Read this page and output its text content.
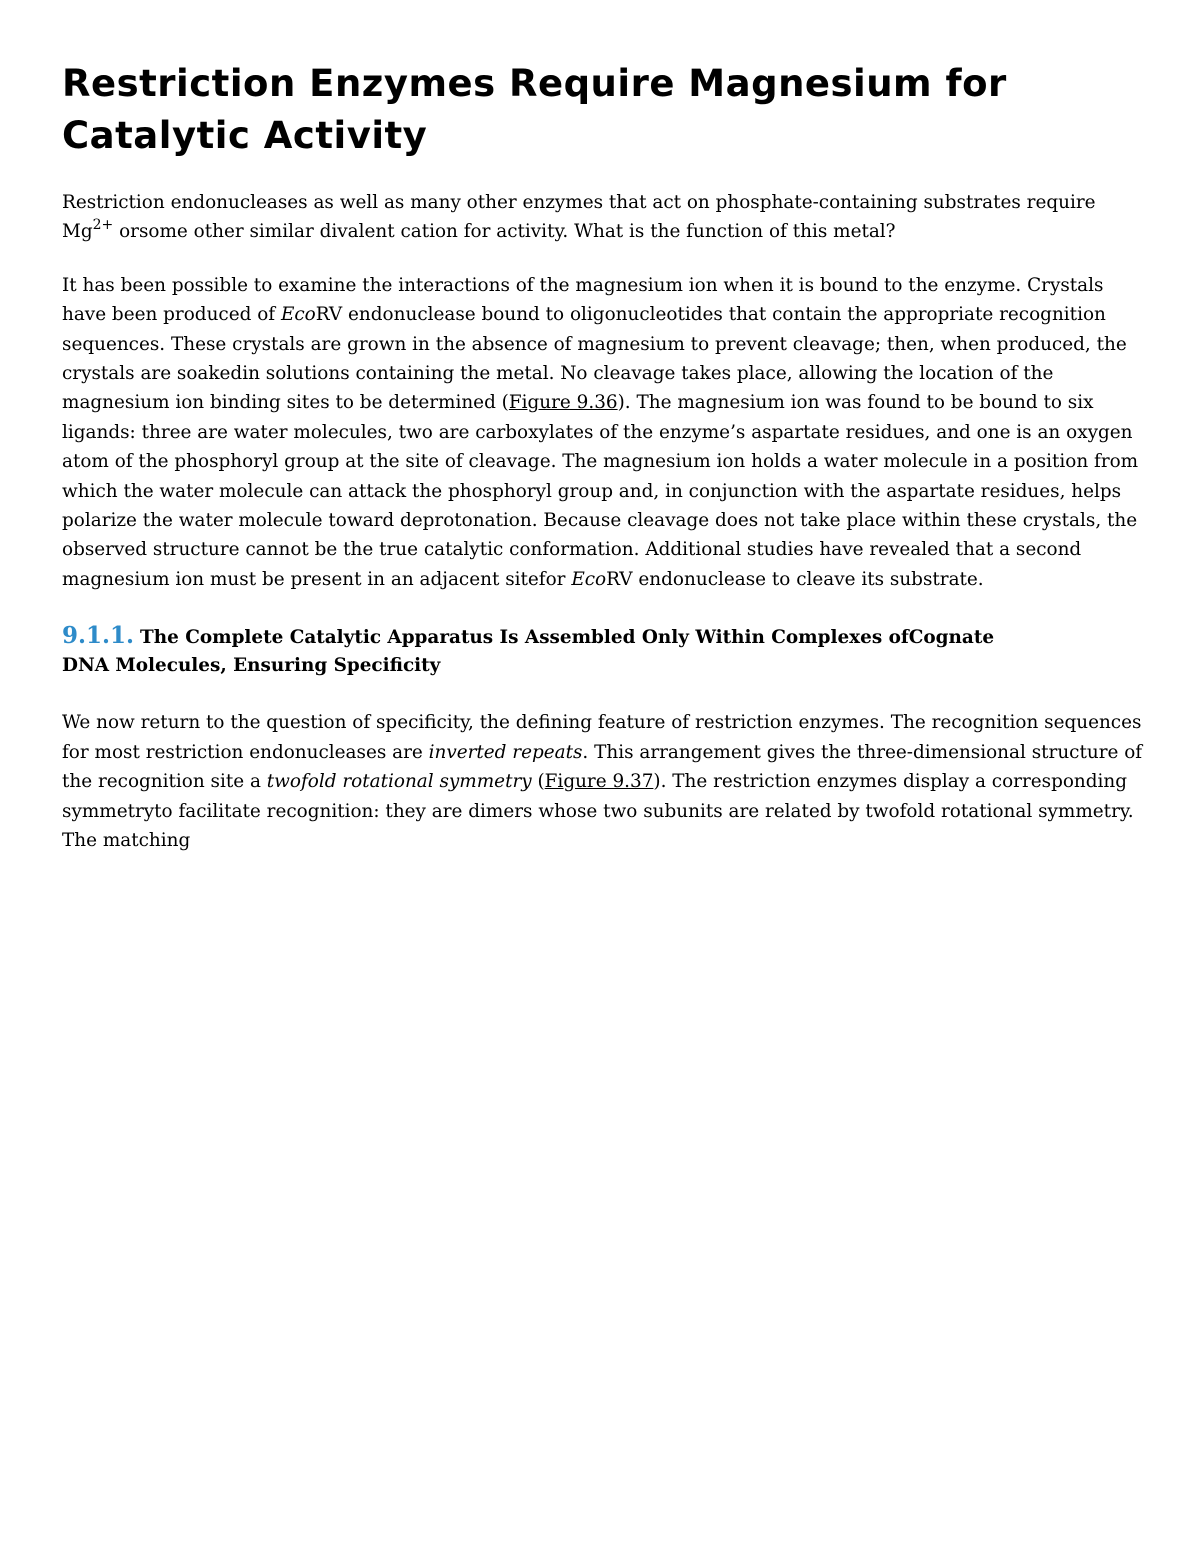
Restriction Enzymes Require Magnesium for Catalytic Activity

Restriction endonucleases as well as many other enzymes that act on phosphate-containing substrates require $Mg^{2+}$ orsome other similar divalent cation for activity. What is the function of this metal?

It has been possible to examine the interactions of the magnesium ion when it is bound to the enzyme. Crystals have been produced of EcoRV endonuclease bound to oligonucleotides that contain the appropriate recognition sequences. These crystals are grown in the absence of magnesium to prevent cleavage; then, when produced, the crystals are soakedin solutions containing the metal. No cleavage takes place, allowing the location of the magnesium ion binding sites to be determined (Figure 9.36). The magnesium ion was found to be bound to six ligands: three are water molecules, two are carboxylates of the enzyme’s aspartate residues, and one is an oxygen atom of the phosphoryl group at the site of cleavage. The magnesium ion holds a water molecule in a position from which the water molecule can attack the phosphoryl group and, in conjunction with the aspartate residues, helps polarize the water molecule toward deprotonation. Because cleavage does not take place within these crystals, the observed structure cannot be the true catalytic conformation. Additional studies have revealed that a second magnesium ion must be present in an adjacent sitefor EcoRV endonuclease to cleave its substrate.

9.1.1. The Complete Catalytic Apparatus Is Assembled Only Within Complexes ofCognate
DNA Molecules, Ensuring Specificity

We now return to the question of specificity, the defining feature of restriction enzymes. The recognition sequences for most restriction endonucleases are inverted repeats. This arrangement gives the three-dimensional structure of the recognition site a twofold rotational symmetry (Figure 9.37). The restriction enzymes display a corresponding symmetryto facilitate recognition: they are dimers whose two subunits are related by twofold rotational symmetry. The matching
